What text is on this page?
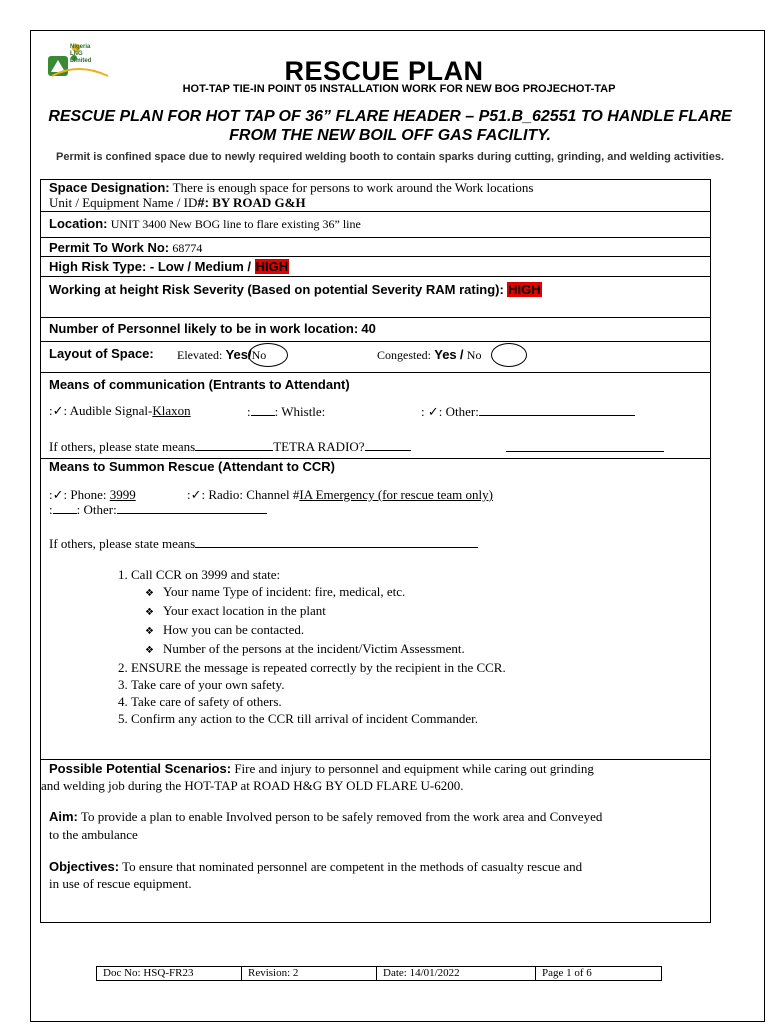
Nigeria
LNG
Limited	RESCUE PLAN
HOT-TAP TIE-IN POINT 05 INSTALLATION WORK FOR NEW BOG PROJECHOT-TAP
RESCUE PLAN FOR HOT TAP OF 36” FLARE HEADER – P51.B_62551 TO HANDLE FLARE FROM THE NEW BOIL OFF GAS FACILITY.
Permit is confined space due to newly required welding booth to contain sparks during cutting, grinding, and welding activities.
Space Designation: There is enough space for persons to work around the Work locations
Unit / Equipment Name / ID#: BY ROAD G&H
Location: UNIT 3400 New BOG line to flare existing 36” line
Permit To Work No: 68774
High Risk Type: - Low / Medium / HIGH
Working at height Risk Severity (Based on potential Severity RAM rating): HIGH
Number of Personnel likely to be in work location: 40
Layout of Space: Elevated: Yes/No	Congested: Yes / No
Means of communication (Entrants to Attendant)
:✓: Audible Signal-Klaxon	: : Whistle:	: ✓: Other:
If others, please state means	TETRA RADIO?
Means to Summon Rescue (Attendant to CCR)
:✓: Phone: 3999	:✓: Radio: Channel #IA Emergency (for rescue team only)
: : Other:
If others, please state means
1. Call CCR on 3999 and state:
❖ Your name Type of incident: fire, medical, etc.
❖ Your exact location in the plant
❖ How you can be contacted.
❖ Number of the persons at the incident/Victim Assessment.
2. ENSURE the message is repeated correctly by the recipient in the CCR.
3. Take care of your own safety.
4. Take care of safety of others.
5. Confirm any action to the CCR till arrival of incident Commander.
Possible Potential Scenarios: Fire and injury to personnel and equipment while caring out grinding
and welding job during the HOT-TAP at ROAD H&G BY OLD FLARE U-6200.
Aim: To provide a plan to enable Involved person to be safely removed from the work area and Conveyed
to the ambulance
Objectives: To ensure that nominated personnel are competent in the methods of casualty rescue and
in use of rescue equipment.
Doc No: HSQ-FR23	Revision: 2	Date: 14/01/2022	Page 1 of 6
